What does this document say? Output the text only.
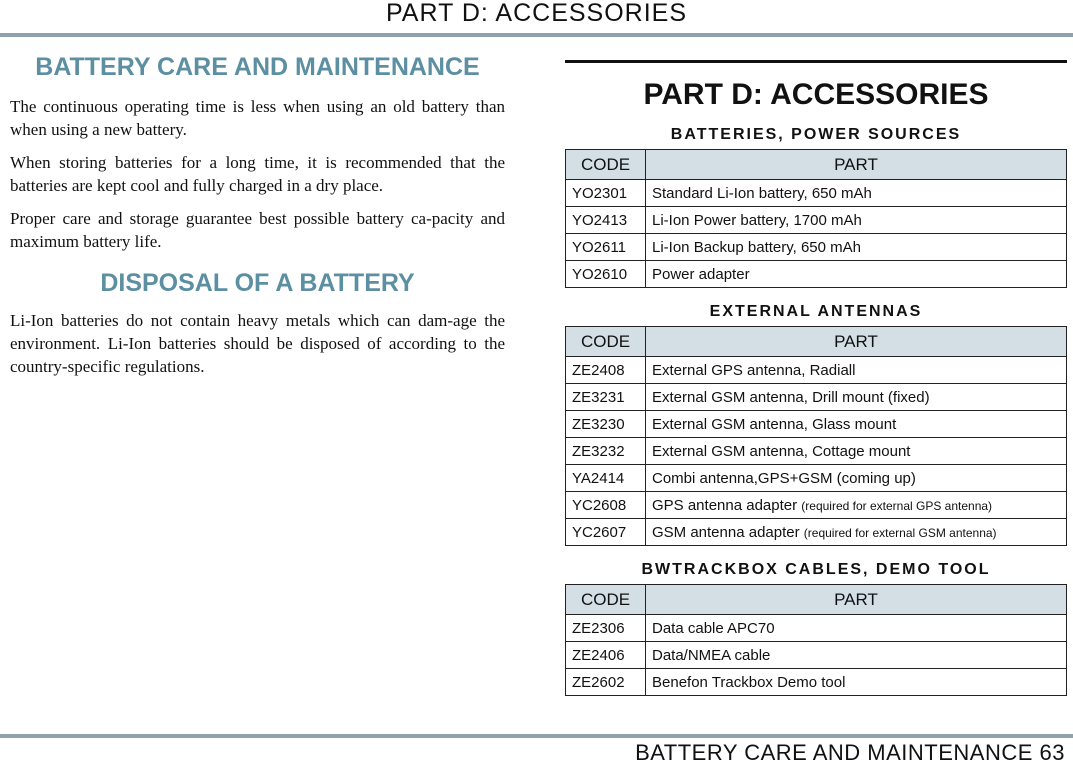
PART D: ACCESSORIES
BATTERY CARE AND MAINTENANCE

The continuous operating time is less when using an old battery than when using a new battery.

When storing batteries for a long time, it is recommended that the batteries are kept cool and fully charged in a dry place.

Proper care and storage guarantee best possible battery ca-pacity and maximum battery life.

DISPOSAL OF A BATTERY

Li-Ion batteries do not contain heavy metals which can dam-age the environment. Li-Ion batteries should be disposed of according to the country-specific regulations.

PART D: ACCESSORIES
BATTERIES, POWER SOURCES
CODE	PART
YO2301	Standard Li-Ion battery, 650 mAh
YO2413	Li-Ion Power battery, 1700 mAh
YO2611	Li-Ion Backup battery, 650 mAh
YO2610	Power adapter
EXTERNAL ANTENNAS
CODE	PART
ZE2408	External GPS antenna, Radiall
ZE3231	External GSM antenna, Drill mount (fixed)
ZE3230	External GSM antenna, Glass mount
ZE3232	External GSM antenna, Cottage mount
YA2414	Combi antenna,GPS+GSM (coming up)
YC2608	GPS antenna adapter (required for external GPS antenna)
YC2607	GSM antenna adapter (required for external GSM antenna)
BWTRACKBOX CABLES, DEMO TOOL
CODE	PART
ZE2306	Data cable APC70
ZE2406	Data/NMEA cable
ZE2602	Benefon Trackbox Demo tool
BATTERY CARE AND MAINTENANCE 63
